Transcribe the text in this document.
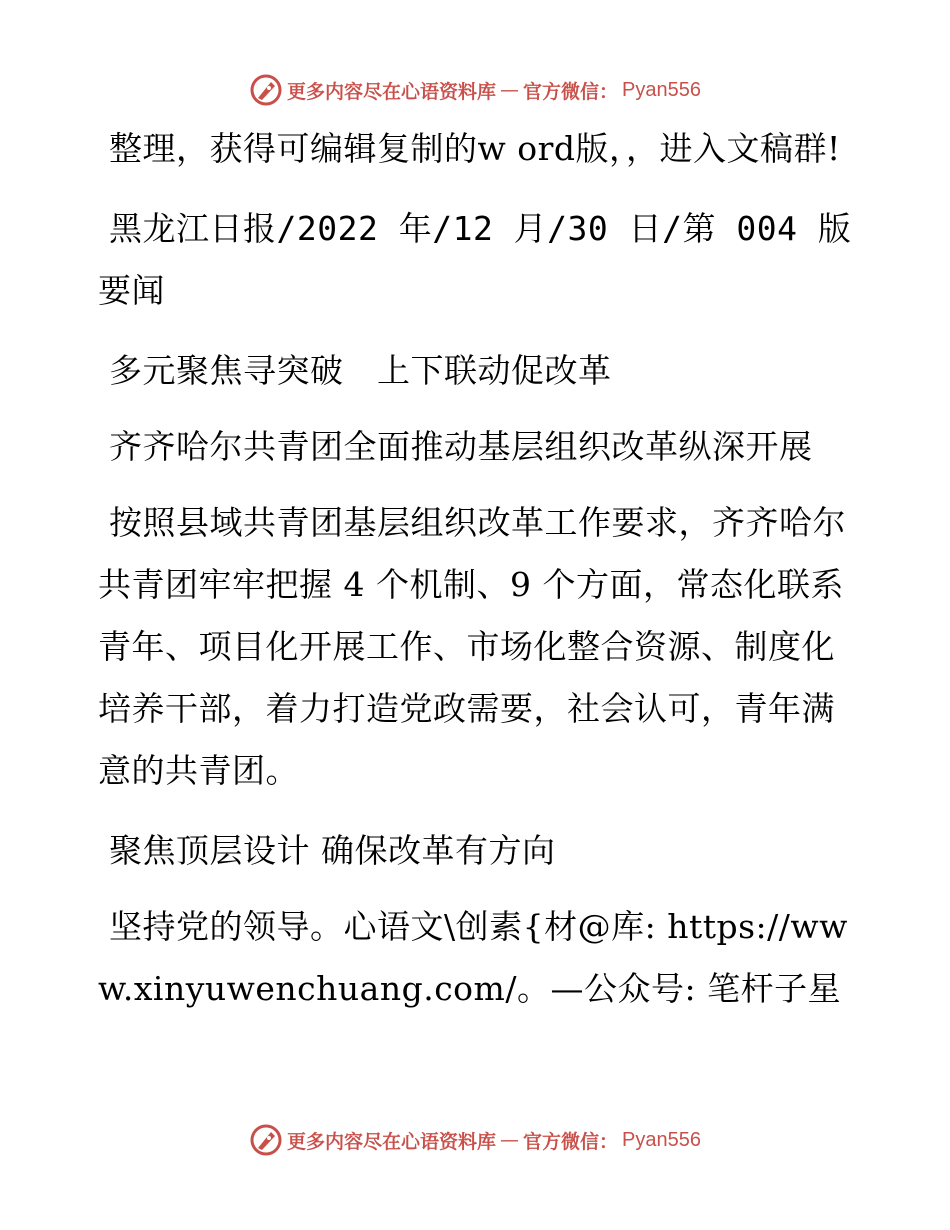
更多内容尽在心语资料库 — 官方微信： Pyan556

整理，获得可编辑复制的w ord版，，进入文稿群!

黑龙江日报/2022 年/12 月/30 日/第 004 版要闻

多元聚焦寻突破　上下联动促改革

齐齐哈尔共青团全面推动基层组织改革纵深开展

按照县域共青团基层组织改革工作要求，齐齐哈尔共青团牢牢把握 4 个机制、9 个方面，常态化联系青年、项目化开展工作、市场化整合资源、制度化培养干部，着力打造党政需要，社会认可，青年满意的共青团。

聚焦顶层设计 确保改革有方向

坚持党的领导。心语文\创素{材@库: https://www.xinyuwenchuang.com/。—公众号: 笔杆子星

更多内容尽在心语资料库 — 官方微信： Pyan556
